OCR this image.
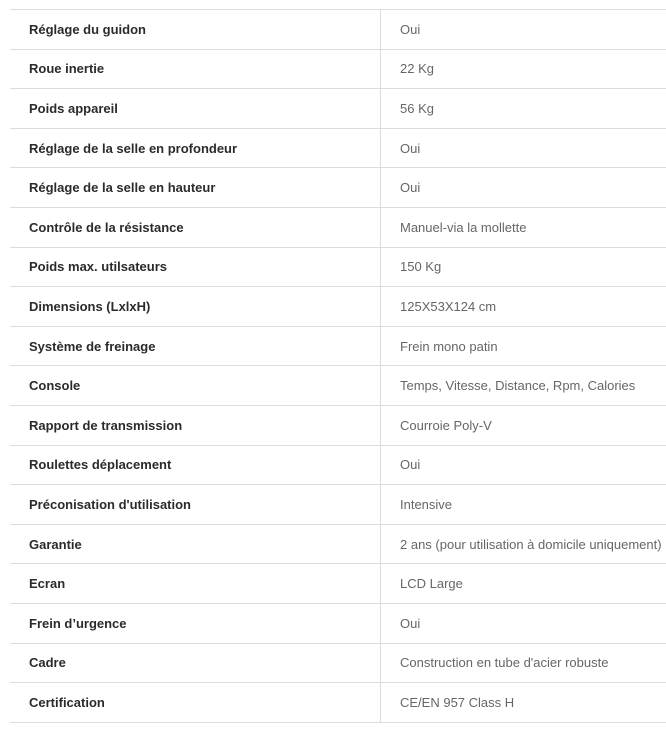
Réglage du guidon	Oui
Roue inertie	22 Kg
Poids appareil	56 Kg
Réglage de la selle en profondeur	Oui
Réglage de la selle en hauteur	Oui
Contrôle de la résistance	Manuel-via la mollette
Poids max. utilsateurs	150 Kg
Dimensions (LxlxH)	125X53X124 cm
Système de freinage	Frein mono patin
Console	Temps, Vitesse, Distance, Rpm, Calories
Rapport de transmission	Courroie Poly-V
Roulettes déplacement	Oui
Préconisation d'utilisation	Intensive
Garantie	2 ans (pour utilisation à domicile uniquement)
Ecran	LCD Large
Frein d’urgence	Oui
Cadre	Construction en tube d'acier robuste
Certification	CE/EN 957 Class H
